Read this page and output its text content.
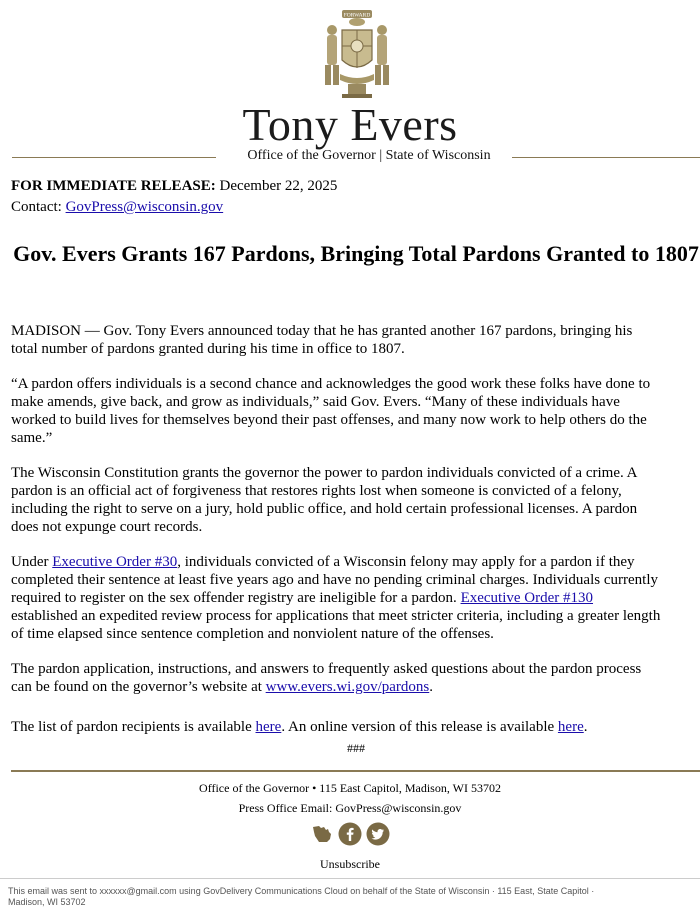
FORWARD
Tony Evers
Office of the Governor | State of Wisconsin
FOR IMMEDIATE RELEASE: December 22, 2025
Contact: GovPress@wisconsin.gov
Gov. Evers Grants 167 Pardons, Bringing Total Pardons Granted to 1807

MADISON — Gov. Tony Evers announced today that he has granted another 167 pardons, bringing his
total number of pardons granted during his time in office to 1807.

“A pardon offers individuals is a second chance and acknowledges the good work these folks have done to
make amends, give back, and grow as individuals,” said Gov. Evers. “Many of these individuals have
worked to build lives for themselves beyond their past offenses, and many now work to help others do the
same.”

The Wisconsin Constitution grants the governor the power to pardon individuals convicted of a crime. A
pardon is an official act of forgiveness that restores rights lost when someone is convicted of a felony,
including the right to serve on a jury, hold public office, and hold certain professional licenses. A pardon
does not expunge court records.

Under Executive Order #30, individuals convicted of a Wisconsin felony may apply for a pardon if they
completed their sentence at least five years ago and have no pending criminal charges. Individuals currently
required to register on the sex offender registry are ineligible for a pardon. Executive Order #130
established an expedited review process for applications that meet stricter criteria, including a greater length
of time elapsed since sentence completion and nonviolent nature of the offenses.

The pardon application, instructions, and answers to frequently asked questions about the pardon process
can be found on the governor’s website at www.evers.wi.gov/pardons.

The list of pardon recipients is available here. An online version of this release is available here.

###
Office of the Governor • 115 East Capitol, Madison, WI 53702
Press Office Email: GovPress@wisconsin.gov
Unsubscribe
This email was sent to xxxxxx@gmail.com using GovDelivery Communications Cloud on behalf of the State of Wisconsin · 115 East, State Capitol · Madison, WI 53702
